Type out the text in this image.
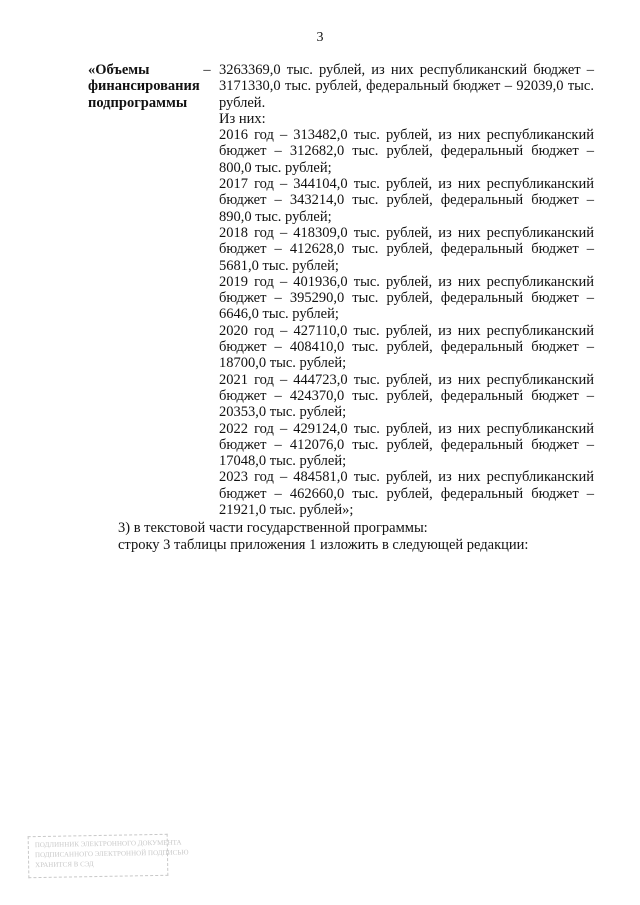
3
«Объемы финансирования подпрограммы
– 3263369,0 тыс. рублей, из них республиканский бюджет – 3171330,0 тыс. рублей, федеральный бюджет – 92039,0 тыс. рублей.

Из них:

2016 год – 313482,0 тыс. рублей, из них республиканский бюджет – 312682,0 тыс. рублей, федеральный бюджет – 800,0 тыс. рублей;

2017 год – 344104,0 тыс. рублей, из них республиканский бюджет – 343214,0 тыс. рублей, федеральный бюджет – 890,0 тыс. рублей;

2018 год – 418309,0 тыс. рублей, из них республиканский бюджет – 412628,0 тыс. рублей, федеральный бюджет – 5681,0 тыс. рублей;

2019 год – 401936,0 тыс. рублей, из них республиканский бюджет – 395290,0 тыс. рублей, федеральный бюджет – 6646,0 тыс. рублей;

2020 год – 427110,0 тыс. рублей, из них республиканский бюджет – 408410,0 тыс. рублей, федеральный бюджет – 18700,0 тыс. рублей;

2021 год – 444723,0 тыс. рублей, из них республиканский бюджет – 424370,0 тыс. рублей, федеральный бюджет – 20353,0 тыс. рублей;

2022 год – 429124,0 тыс. рублей, из них республиканский бюджет – 412076,0 тыс. рублей, федеральный бюджет – 17048,0 тыс. рублей;

2023 год – 484581,0 тыс. рублей, из них республиканский бюджет – 462660,0 тыс. рублей, федеральный бюджет – 21921,0 тыс. рублей»;

3) в текстовой части государственной программы:

строку 3 таблицы приложения 1 изложить в следующей редакции:

ПОДЛИННИК ЭЛЕКТРОННОГО ДОКУМЕНТА
ПОДПИСАННОГО ЭЛЕКТРОННОЙ ПОДПИСЬЮ
ХРАНИТСЯ В СЭД
